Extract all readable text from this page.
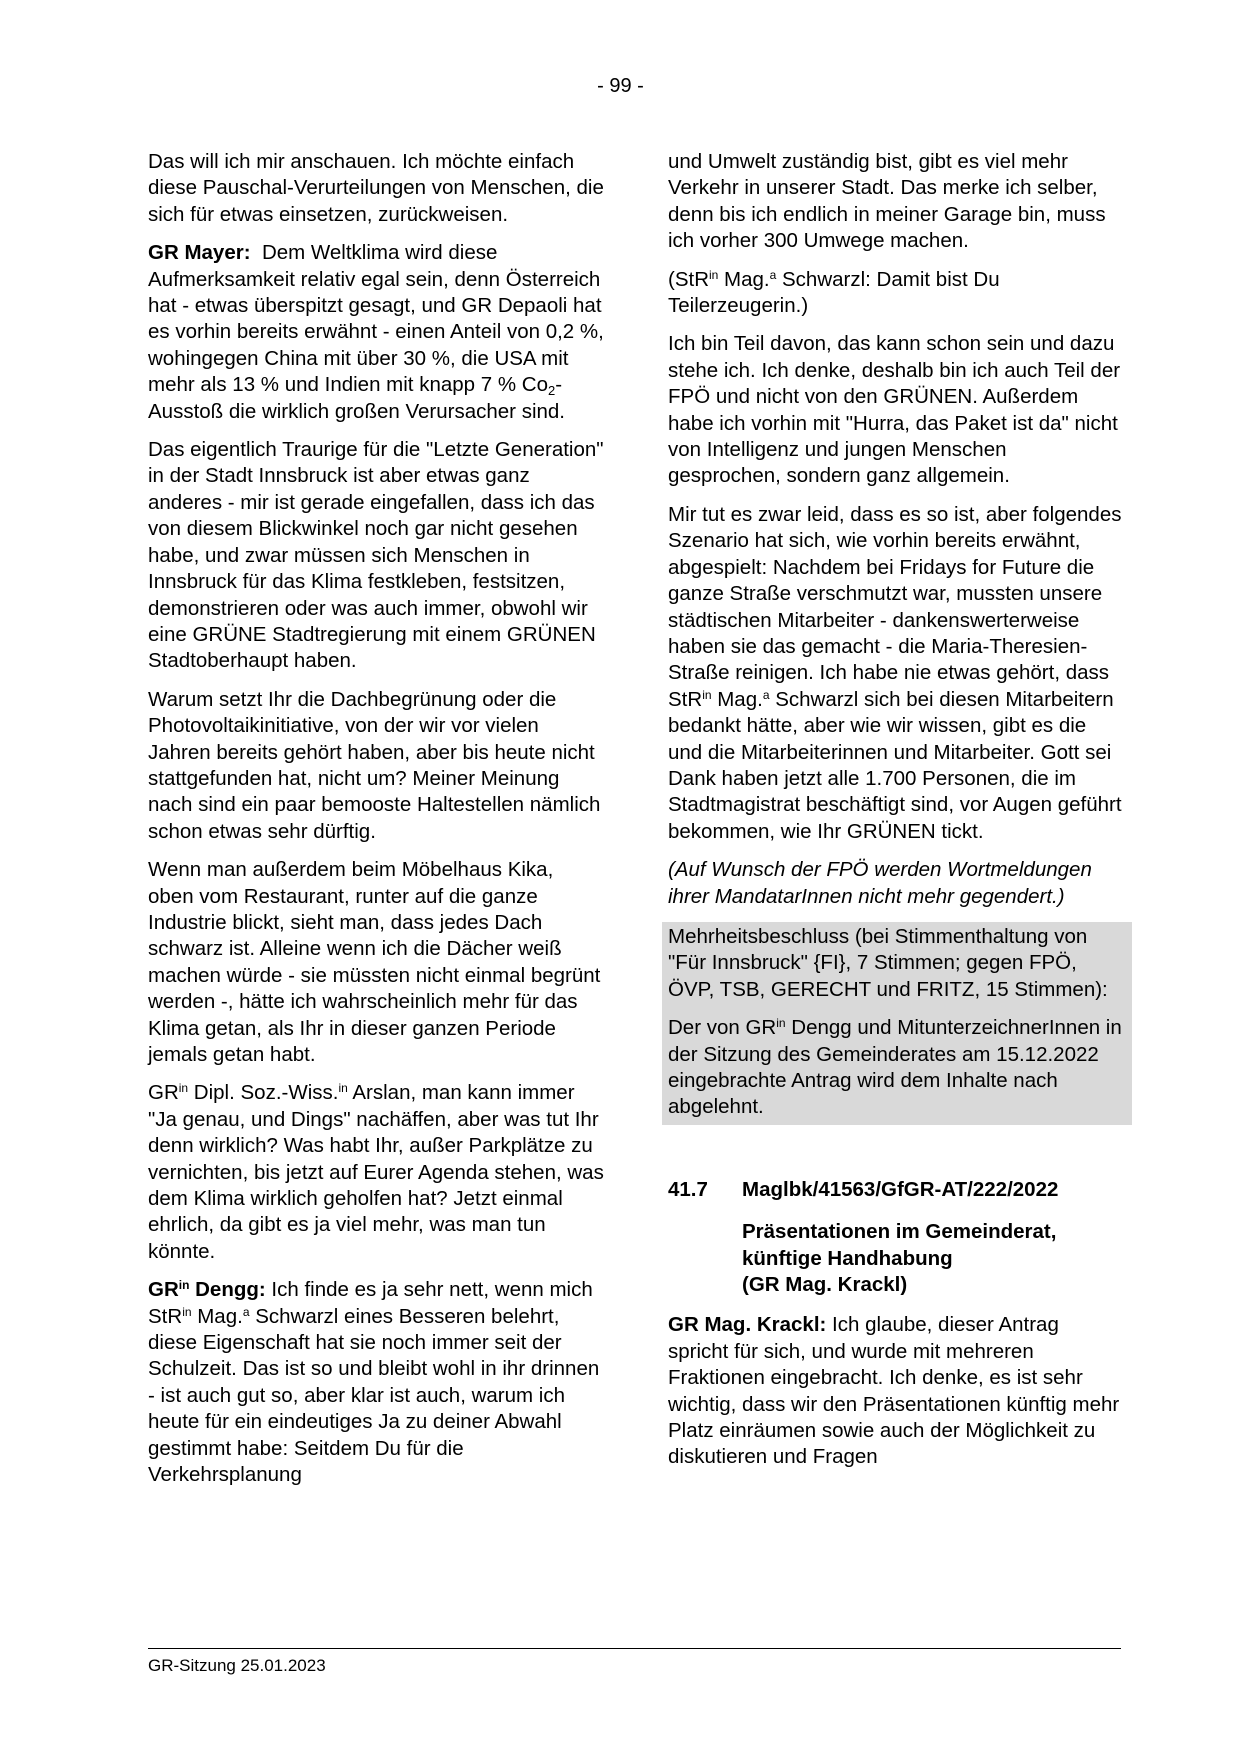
- 99 -

Das will ich mir anschauen. Ich möchte einfach diese Pauschal-Verurteilungen von Menschen, die sich für etwas einsetzen, zurückweisen.

GR Mayer: Dem Weltklima wird diese Aufmerksamkeit relativ egal sein, denn Österreich hat - etwas überspitzt gesagt, und GR Depaoli hat es vorhin bereits erwähnt - einen Anteil von 0,2 %, wohingegen China mit über 30 %, die USA mit mehr als 13 % und Indien mit knapp 7 % $Co_2$-Ausstoß die wirklich großen Verursacher sind.

Das eigentlich Traurige für die "Letzte Generation" in der Stadt Innsbruck ist aber etwas ganz anderes - mir ist gerade eingefallen, dass ich das von diesem Blickwinkel noch gar nicht gesehen habe, und zwar müssen sich Menschen in Innsbruck für das Klima festkleben, festsitzen, demonstrieren oder was auch immer, obwohl wir eine GRÜNE Stadtregierung mit einem GRÜNEN Stadtoberhaupt haben.

Warum setzt Ihr die Dachbegrünung oder die Photovoltaikinitiative, von der wir vor vielen Jahren bereits gehört haben, aber bis heute nicht stattgefunden hat, nicht um? Meiner Meinung nach sind ein paar bemooste Haltestellen nämlich schon etwas sehr dürftig.

Wenn man außerdem beim Möbelhaus Kika, oben vom Restaurant, runter auf die ganze Industrie blickt, sieht man, dass jedes Dach schwarz ist. Alleine wenn ich die Dächer weiß machen würde - sie müssten nicht einmal begrünt werden -, hätte ich wahrscheinlich mehr für das Klima getan, als Ihr in dieser ganzen Periode jemals getan habt.

$GR^{in}$ Dipl. Soz.-Wiss.$^{in}$ Arslan, man kann immer "Ja genau, und Dings" nachäffen, aber was tut Ihr denn wirklich? Was habt Ihr, außer Parkplätze zu vernichten, bis jetzt auf Eurer Agenda stehen, was dem Klima wirklich geholfen hat? Jetzt einmal ehrlich, da gibt es ja viel mehr, was man tun könnte.

$GR^{in}$ Dengg: Ich finde es ja sehr nett, wenn mich StR$^{in}$ Mag.$^a$ Schwarzl eines Besseren belehrt, diese Eigenschaft hat sie noch immer seit der Schulzeit. Das ist so und bleibt wohl in ihr drinnen - ist auch gut so, aber klar ist auch, warum ich heute für ein eindeutiges Ja zu deiner Abwahl gestimmt habe: Seitdem Du für die Verkehrsplanung

und Umwelt zuständig bist, gibt es viel mehr Verkehr in unserer Stadt. Das merke ich selber, denn bis ich endlich in meiner Garage bin, muss ich vorher 300 Umwege machen.

(StR$^{in}$ Mag.$^a$ Schwarzl: Damit bist Du Teilerzeugerin.)

Ich bin Teil davon, das kann schon sein und dazu stehe ich. Ich denke, deshalb bin ich auch Teil der FPÖ und nicht von den GRÜNEN. Außerdem habe ich vorhin mit "Hurra, das Paket ist da" nicht von Intelligenz und jungen Menschen gesprochen, sondern ganz allgemein.

Mir tut es zwar leid, dass es so ist, aber folgendes Szenario hat sich, wie vorhin bereits erwähnt, abgespielt: Nachdem bei Fridays for Future die ganze Straße verschmutzt war, mussten unsere städtischen Mitarbeiter - dankenswerterweise haben sie das gemacht - die Maria-Theresien-Straße reinigen. Ich habe nie etwas gehört, dass StR$^{in}$ Mag.$^a$ Schwarzl sich bei diesen Mitarbeitern bedankt hätte, aber wie wir wissen, gibt es die und die Mitarbeiterinnen und Mitarbeiter. Gott sei Dank haben jetzt alle 1.700 Personen, die im Stadtmagistrat beschäftigt sind, vor Augen geführt bekommen, wie Ihr GRÜNEN tickt.

(Auf Wunsch der FPÖ werden Wortmeldungen ihrer MandatarInnen nicht mehr gegendert.)

Mehrheitsbeschluss (bei Stimmenthaltung von "Für Innsbruck" {FI}, 7 Stimmen; gegen FPÖ, ÖVP, TSB, GERECHT und FRITZ, 15 Stimmen):

Der von $GR^{in}$ Dengg und MitunterzeichnerInnen in der Sitzung des Gemeinderates am 15.12.2022 eingebrachte Antrag wird dem Inhalte nach abgelehnt.

41.7	Maglbk/41563/GfGR-AT/222/2022
Präsentationen im Gemeinderat,
künftige Handhabung
(GR Mag. Krackl)

GR Mag. Krackl: Ich glaube, dieser Antrag spricht für sich, und wurde mit mehreren Fraktionen eingebracht. Ich denke, es ist sehr wichtig, dass wir den Präsentationen künftig mehr Platz einräumen sowie auch der Möglichkeit zu diskutieren und Fragen

GR-Sitzung 25.01.2023
